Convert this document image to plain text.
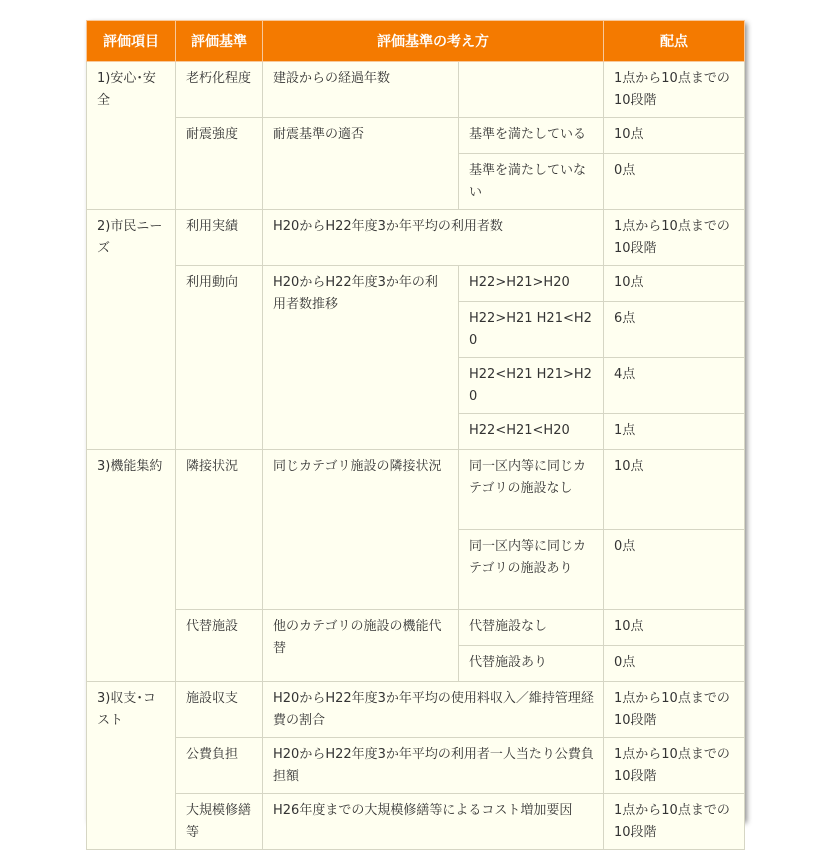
評価項目	評価基準	評価基準の考え方		配点
1)安心･安全	老朽化程度	建設からの経過年数		1点から10点までの10段階
	耐震強度	耐震基準の適否	基準を満たしている	10点
			基準を満たしていない	0点
2)市民ニーズ	利用実績	H20からH22年度3か年平均の利用者数		1点から10点までの10段階
	利用動向	H20からH22年度3か年の利用者数推移	H22>H21>H20	10点
			H22>H21 H21<H20	6点
			H22<H21 H21>H20	4点
			H22<H21<H20	1点
3)機能集約	隣接状況	同じカテゴリ施設の隣接状況	同一区内等に同じカテゴリの施設なし	10点
			同一区内等に同じカテゴリの施設あり	0点
	代替施設	他のカテゴリの施設の機能代替	代替施設なし	10点
			代替施設あり	0点
3)収支･コスト	施設収支	H20からH22年度3か年平均の使用料収入／維持管理経費の割合		1点から10点までの10段階
	公費負担	H20からH22年度3か年平均の利用者一人当たり公費負担額		1点から10点までの10段階
	大規模修繕等	H26年度までの大規模修繕等によるコスト増加要因		1点から10点までの10段階
